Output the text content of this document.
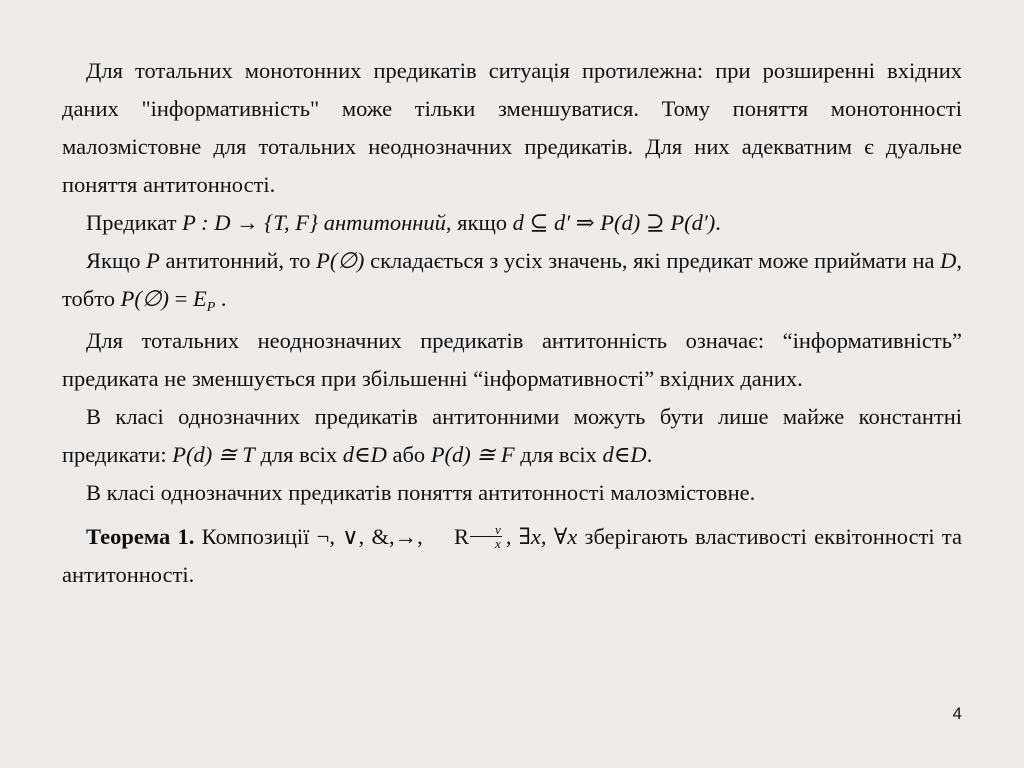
Для тотальних монотонних предикатів ситуація протилежна: при розширенні вхідних даних "інформативність" може тільки зменшуватися. Тому поняття монотонності малозмістовне для тотальних неоднозначних предикатів. Для них адекватним є дуальне поняття антитонності.

Предикат P : D → {T, F} антитонний, якщо d ⊆ d′ ⇒ P(d) ⊇ P(d′).

Якщо P антитонний, то P(∅) складається з усіх значень, які предикат може приймати на D, тобто P(∅) = $E_P$ .

Для тотальних неоднозначних предикатів антитонність означає: “інформативність” предиката не зменшується при збільшенні “інформативності” вхідних даних.

В класі однозначних предикатів антитонними можуть бути лише майже константні предикати: P(d) ≅ T для всіх d∈D або P(d) ≅ F для всіх d∈D.

В класі однозначних предикатів поняття антитонності малозмістовне.

Теорема 1. Композиції ¬, ∨, &,→, R $\frac{v}{x}$ , ∃x, ∀x зберігають властивості еквітонності та антитонності.

4
